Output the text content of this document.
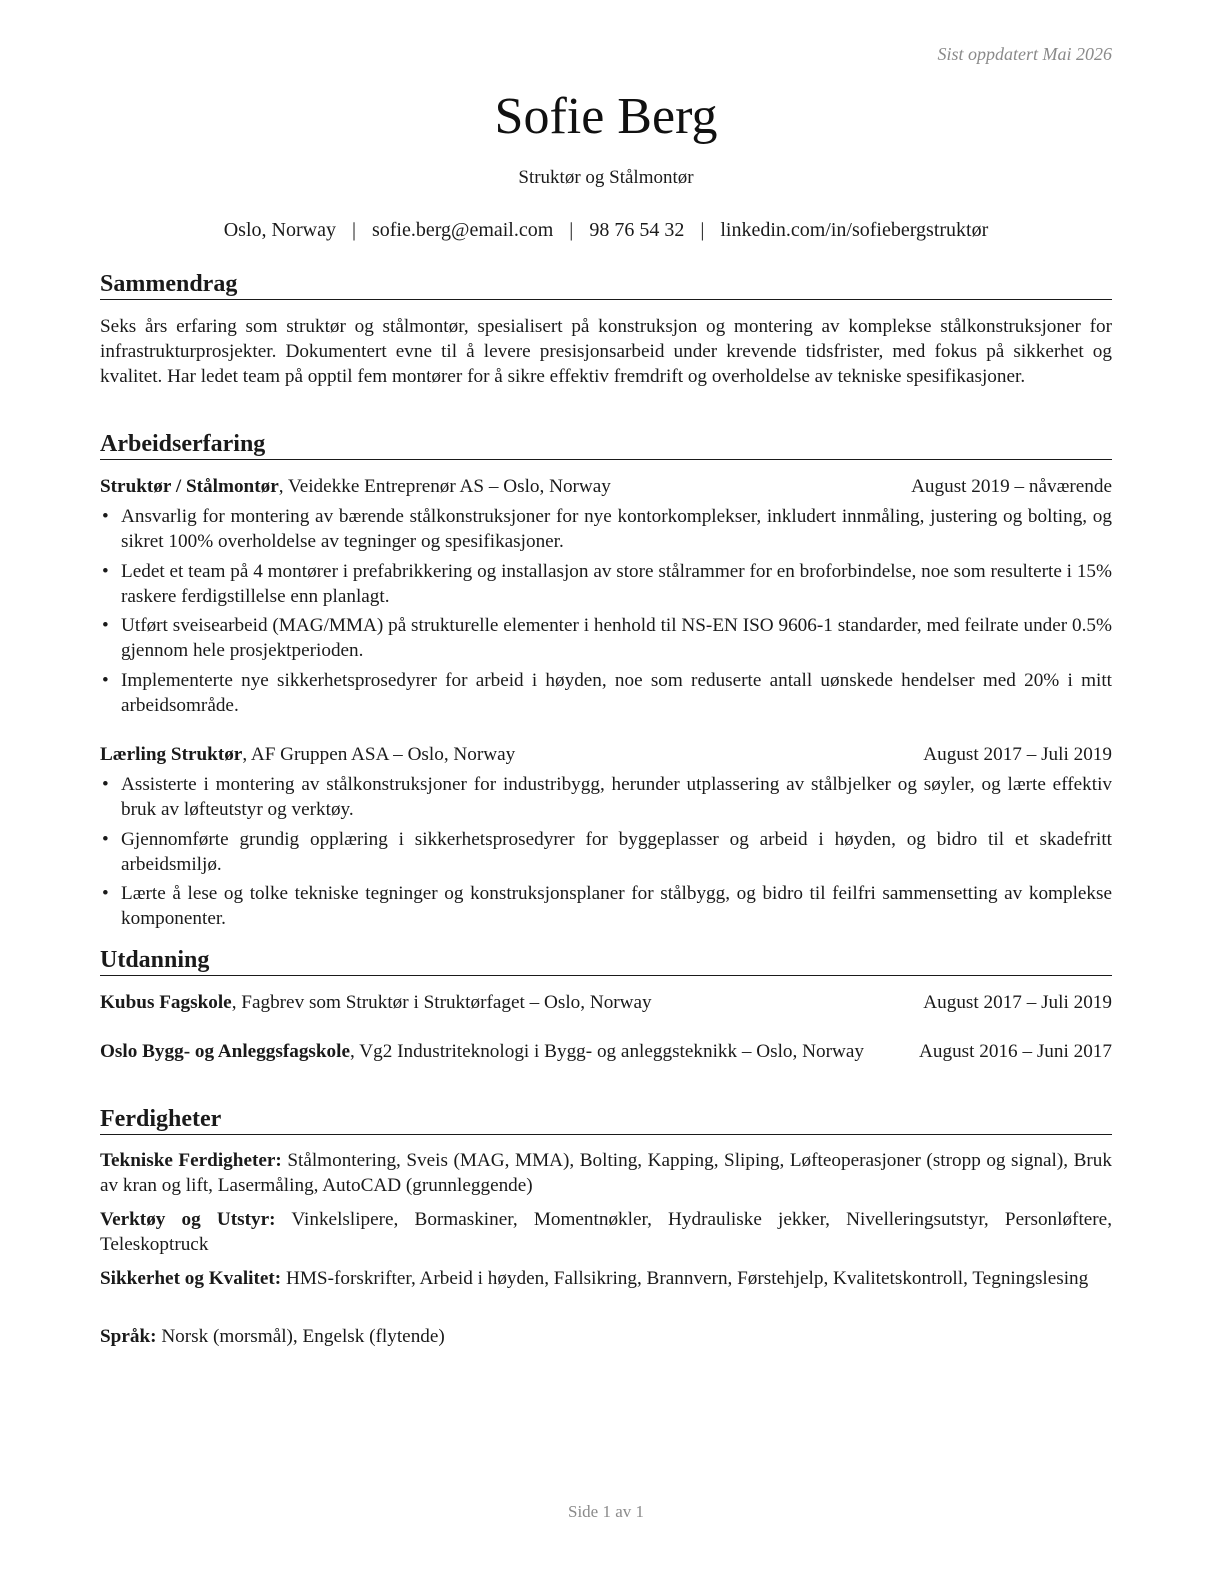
Sist oppdatert Mai 2026
Sofie Berg
Struktør og Stålmontør
Oslo, Norway | sofie.berg@email.com | 98 76 54 32 | linkedin.com/in/sofiebergstruktør
Sammendrag
Seks års erfaring som struktør og stålmontør, spesialisert på konstruksjon og montering av komplekse stålkonstruksjoner for infrastrukturprosjekter. Dokumentert evne til å levere presisjonsarbeid under krevende tidsfrister, med fokus på sikkerhet og kvalitet. Har ledet team på opptil fem montører for å sikre effektiv fremdrift og overholdelse av tekniske spesifikasjoner.
Arbeidserfaring
Struktør / Stålmontør, Veidekke Entreprenør AS – Oslo, Norway	August 2019 – nåværende
• Ansvarlig for montering av bærende stålkonstruksjoner for nye kontorkomplekser, inkludert innmåling, justering og bolting, og sikret 100% overholdelse av tegninger og spesifikasjoner.
• Ledet et team på 4 montører i prefabrikkering og installasjon av store stålrammer for en broforbindelse, noe som resulterte i 15% raskere ferdigstillelse enn planlagt.
• Utført sveisearbeid (MAG/MMA) på strukturelle elementer i henhold til NS-EN ISO 9606-1 standarder, med feilrate under 0.5% gjennom hele prosjektperioden.
• Implementerte nye sikkerhetsprosedyrer for arbeid i høyden, noe som reduserte antall uønskede hendelser med 20% i mitt arbeidsområde.
Lærling Struktør, AF Gruppen ASA – Oslo, Norway	August 2017 – Juli 2019
• Assisterte i montering av stålkonstruksjoner for industribygg, herunder utplassering av stålbjelker og søyler, og lærte effektiv bruk av løfteutstyr og verktøy.
• Gjennomførte grundig opplæring i sikkerhetsprosedyrer for byggeplasser og arbeid i høyden, og bidro til et skadefritt arbeidsmiljø.
• Lærte å lese og tolke tekniske tegninger og konstruksjonsplaner for stålbygg, og bidro til feilfri sammensetting av komplekse komponenter.
Utdanning
Kubus Fagskole, Fagbrev som Struktør i Struktørfaget – Oslo, Norway	August 2017 – Juli 2019
Oslo Bygg- og Anleggsfagskole, Vg2 Industriteknologi i Bygg- og anleggsteknikk – Oslo, Norway	August 2016 – Juni 2017
Ferdigheter
Tekniske Ferdigheter: Stålmontering, Sveis (MAG, MMA), Bolting, Kapping, Sliping, Løfteoperasjoner (stropp og signal), Bruk av kran og lift, Lasermåling, AutoCAD (grunnleggende)
Verktøy og Utstyr: Vinkelslipere, Bormaskiner, Momentnøkler, Hydrauliske jekker, Nivelleringsutstyr, Personløftere, Teleskoptruck
Sikkerhet og Kvalitet: HMS-forskrifter, Arbeid i høyden, Fallsikring, Brannvern, Førstehjelp, Kvalitetskontroll, Tegningslesing
Språk: Norsk (morsmål), Engelsk (flytende)
Side 1 av 1
